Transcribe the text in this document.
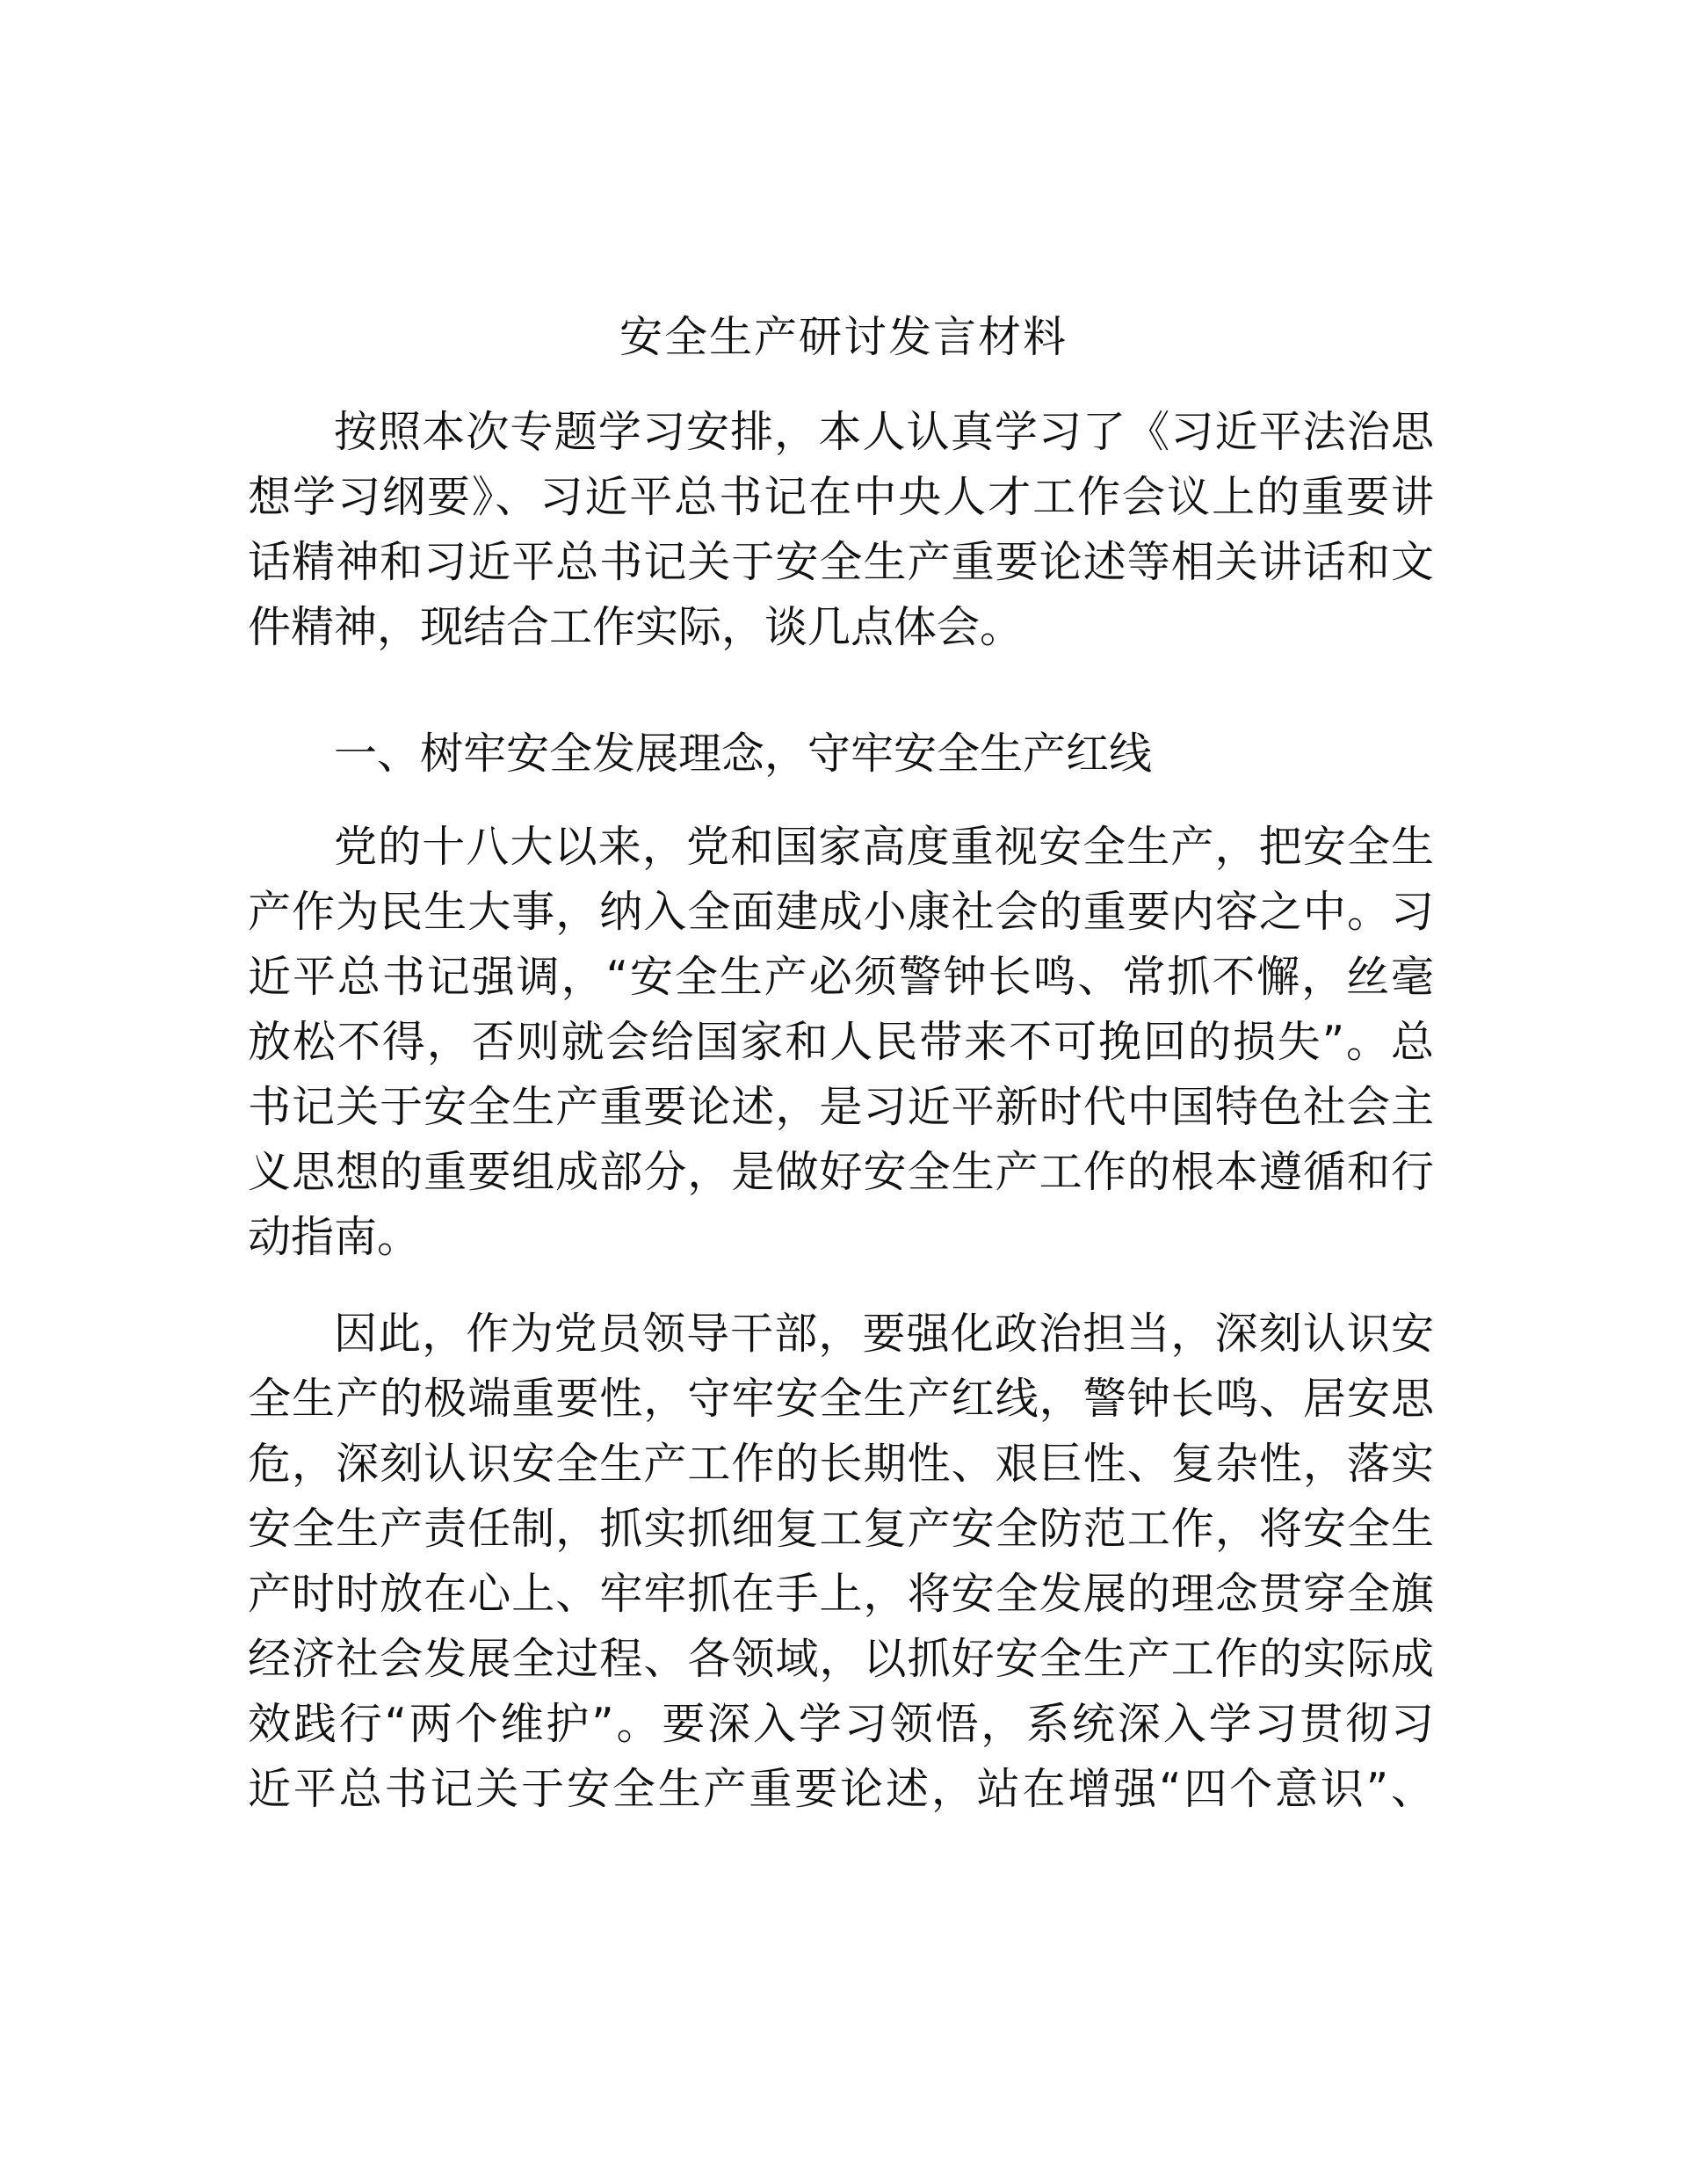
安全生产研讨发言材料
按照本次专题学习安排，本人认真学习了《习近平法治思
想学习纲要》、习近平总书记在中央人才工作会议上的重要讲
话精神和习近平总书记关于安全生产重要论述等相关讲话和文
件精神，现结合工作实际，谈几点体会。
一、树牢安全发展理念，守牢安全生产红线
党的十八大以来，党和国家高度重视安全生产，把安全生
产作为民生大事，纳入全面建成小康社会的重要内容之中。习
近平总书记强调，“安全生产必须警钟长鸣、常抓不懈，丝毫
放松不得，否则就会给国家和人民带来不可挽回的损失”。总
书记关于安全生产重要论述，是习近平新时代中国特色社会主
义思想的重要组成部分，是做好安全生产工作的根本遵循和行
动指南。
因此，作为党员领导干部，要强化政治担当，深刻认识安
全生产的极端重要性，守牢安全生产红线，警钟长鸣、居安思
危，深刻认识安全生产工作的长期性、艰巨性、复杂性，落实
安全生产责任制，抓实抓细复工复产安全防范工作，将安全生
产时时放在心上、牢牢抓在手上，将安全发展的理念贯穿全旗
经济社会发展全过程、各领域，以抓好安全生产工作的实际成
效践行“两个维护”。要深入学习领悟，系统深入学习贯彻习
近平总书记关于安全生产重要论述，站在增强“四个意识”、
